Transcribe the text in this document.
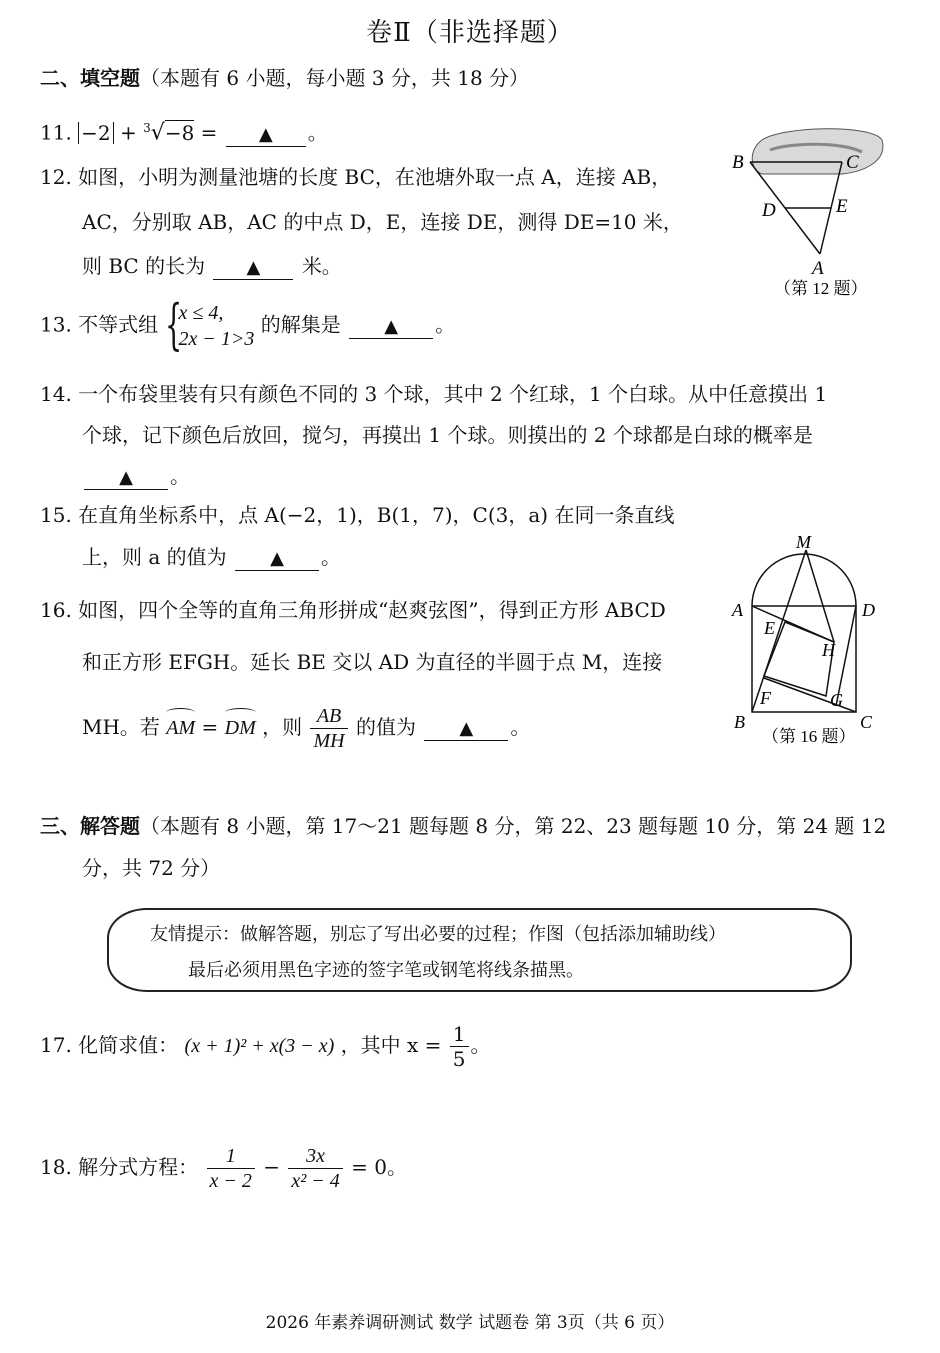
卷Ⅱ（非选择题）
二、填空题（本题有 6 小题，每小题 3 分，共 18 分）
11. −2 + $^3$√−8 = ▲ 。
12. 如图，小明为测量池塘的长度 BC，在池塘外取一点 A，连接 AB，
AC，分别取 AB，AC 的中点 D，E，连接 DE，测得 DE=10 米，
则 BC 的长为 ▲ 米。
B	C
D	E
A
（第 12 题）
13. 不等式组 {
x ≤ 4,
2x − 1>3
的解集是 ▲ 。
14. 一个布袋里装有只有颜色不同的 3 个球，其中 2 个红球，1 个白球。从中任意摸出 1
个球，记下颜色后放回，搅匀，再摸出 1 个球。则摸出的 2 个球都是白球的概率是
▲ 。
15. 在直角坐标系中，点 A(−2，1)，B(1，7)，C(3，a) 在同一条直线
上，则 a 的值为 ▲ 。
16. 如图，四个全等的直角三角形拼成“赵爽弦图”，得到正方形 ABCD
和正方形 EFGH。延长 BE 交以 AD 为直径的半圆于点 M，连接
MH。若 AM = DM ，则 $\frac{AB}{MH}$ 的值为 ▲ 。
M
A	D
E
H
F	G
B	C
（第 16 题）
三、解答题（本题有 8 小题，第 17～21 题每题 8 分，第 22、23 题每题 10 分，第 24 题 12
分，共 72 分）
友情提示：做解答题，别忘了写出必要的过程；作图（包括添加辅助线）
最后必须用黑色字迹的签字笔或钢笔将线条描黑。
17. 化简求值： (x + 1)² + x(3 − x) ，其中 $x = \frac{1}{5}$ 。
18. 解分式方程： $\frac{1}{x - 2} - \frac{3x}{\text{x² − 4}} = 0$。
2026 年素养调研测试 数学 试题卷 第 3页（共 6 页）
